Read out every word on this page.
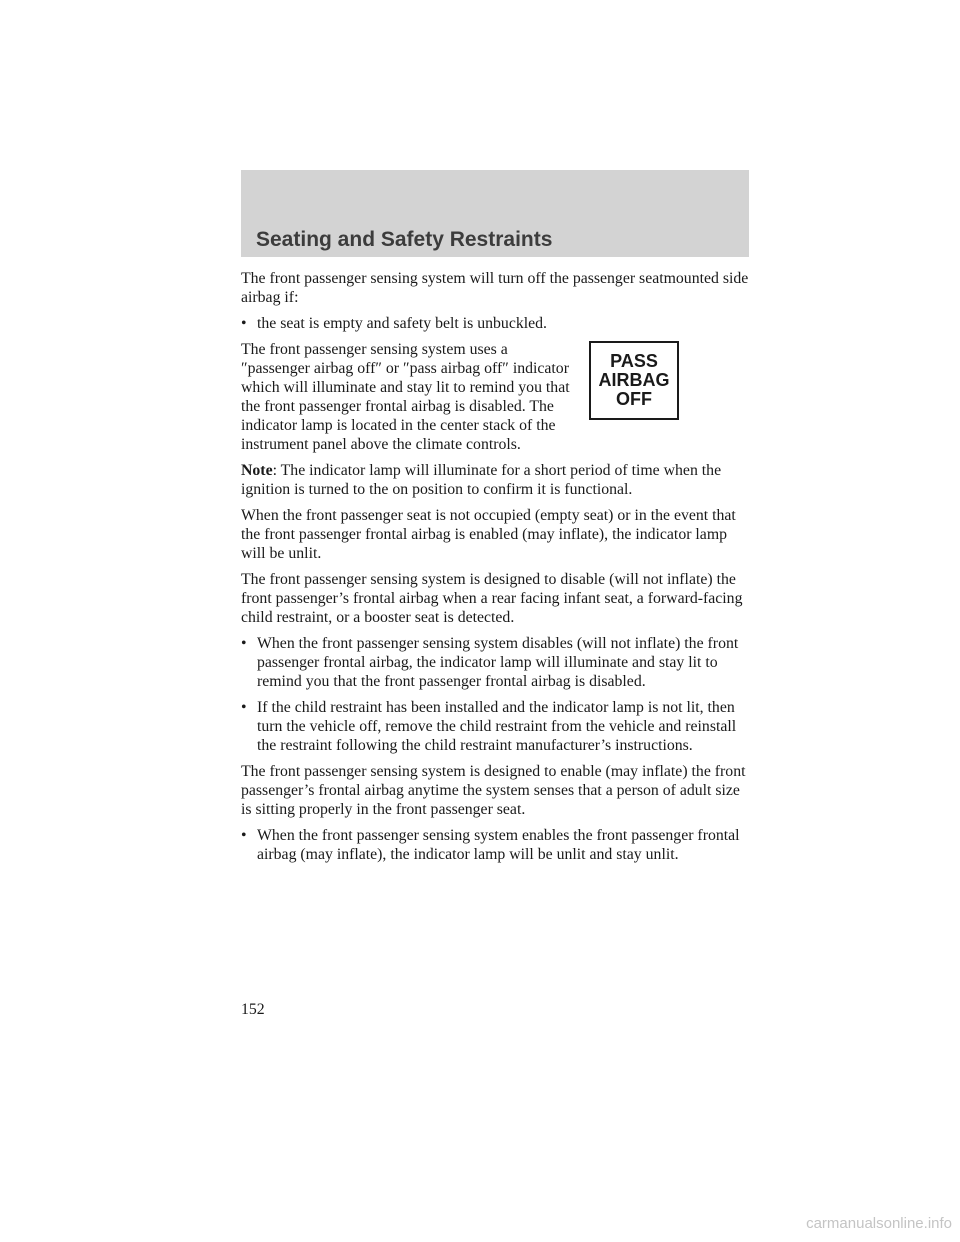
Seating and Safety Restraints

The front passenger sensing system will turn off the passenger seatmounted side airbag if:

• the seat is empty and safety belt is unbuckled.
PASS
AIRBAG
OFF

The front passenger sensing system uses a ″passenger airbag off″ or ″pass airbag off″ indicator which will illuminate and stay lit to remind you that the front passenger frontal airbag is disabled. The indicator lamp is located in the center stack of the instrument panel above the climate controls.

Note: The indicator lamp will illuminate for a short period of time when the ignition is turned to the on position to confirm it is functional.

When the front passenger seat is not occupied (empty seat) or in the event that the front passenger frontal airbag is enabled (may inflate), the indicator lamp will be unlit.

The front passenger sensing system is designed to disable (will not inflate) the front passenger’s frontal airbag when a rear facing infant seat, a forward-facing child restraint, or a booster seat is detected.

• When the front passenger sensing system disables (will not inflate) the front passenger frontal airbag, the indicator lamp will illuminate and stay lit to remind you that the front passenger frontal airbag is disabled.
• If the child restraint has been installed and the indicator lamp is not lit, then turn the vehicle off, remove the child restraint from the vehicle and reinstall the restraint following the child restraint manufacturer’s instructions.

The front passenger sensing system is designed to enable (may inflate) the front passenger’s frontal airbag anytime the system senses that a person of adult size is sitting properly in the front passenger seat.

• When the front passenger sensing system enables the front passenger frontal airbag (may inflate), the indicator lamp will be unlit and stay unlit.
152
carmanualsonline.info
